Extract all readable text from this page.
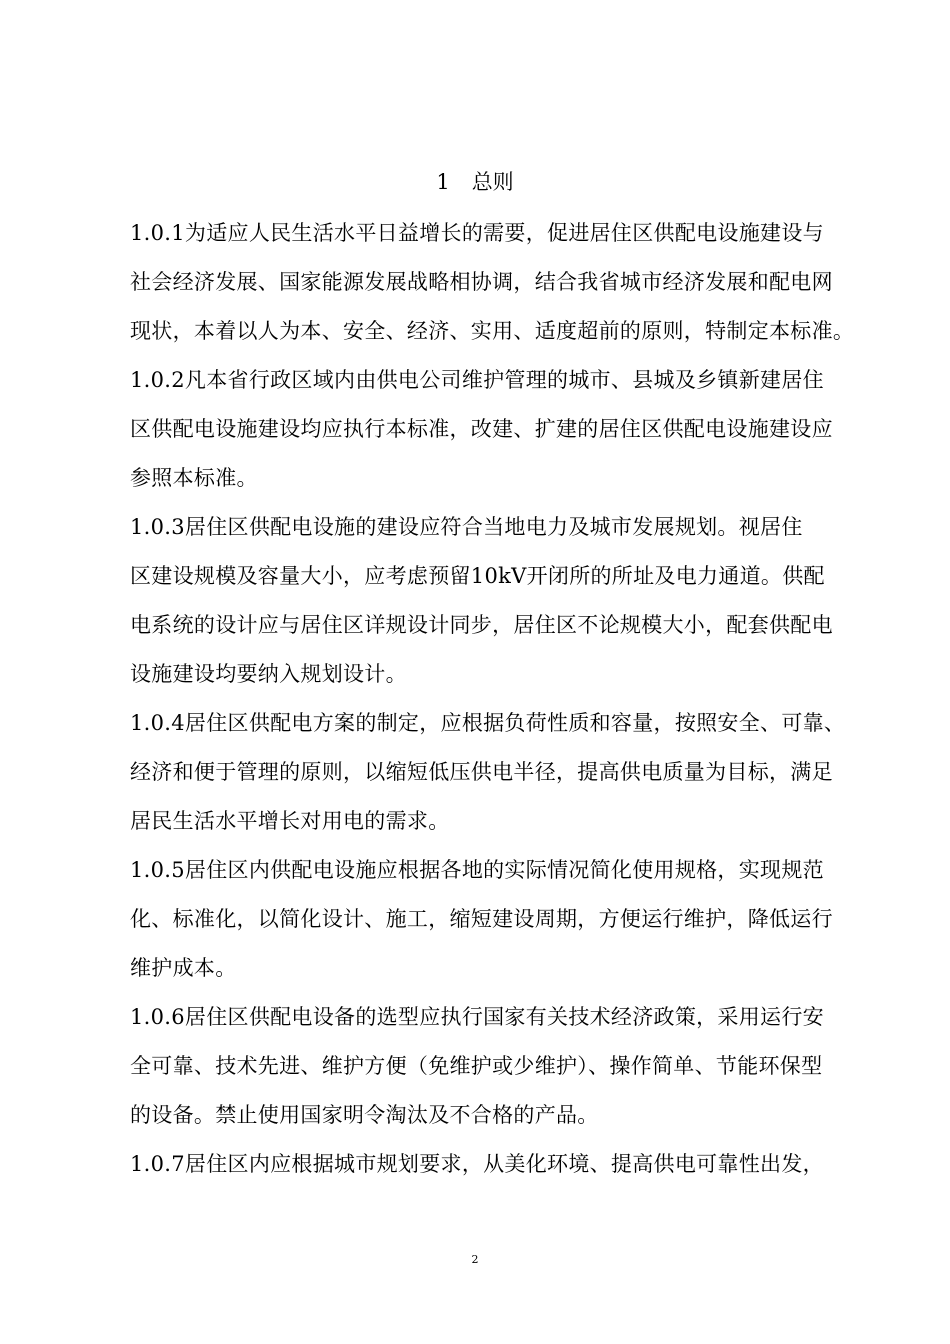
1 总则
1.0.1为适应人民生活水平日益增长的需要，促进居住区供配电设施建设与
社会经济发展、国家能源发展战略相协调，结合我省城市经济发展和配电网
现状，本着以人为本、安全、经济、实用、适度超前的原则，特制定本标准。
1.0.2凡本省行政区域内由供电公司维护管理的城市、县城及乡镇新建居住
区供配电设施建设均应执行本标准，改建、扩建的居住区供配电设施建设应
参照本标准。
1.0.3居住区供配电设施的建设应符合当地电力及城市发展规划。视居住
区建设规模及容量大小，应考虑预留10kV开闭所的所址及电力通道。供配
电系统的设计应与居住区详规设计同步，居住区不论规模大小，配套供配电
设施建设均要纳入规划设计。
1.0.4居住区供配电方案的制定，应根据负荷性质和容量，按照安全、可靠、
经济和便于管理的原则，以缩短低压供电半径，提高供电质量为目标，满足
居民生活水平增长对用电的需求。
1.0.5居住区内供配电设施应根据各地的实际情况简化使用规格，实现规范
化、标准化，以简化设计、施工，缩短建设周期，方便运行维护，降低运行
维护成本。
1.0.6居住区供配电设备的选型应执行国家有关技术经济政策，采用运行安
全可靠、技术先进、维护方便（免维护或少维护）、操作简单、节能环保型
的设备。禁止使用国家明令淘汰及不合格的产品。
1.0.7居住区内应根据城市规划要求，从美化环境、提高供电可靠性出发，
2
